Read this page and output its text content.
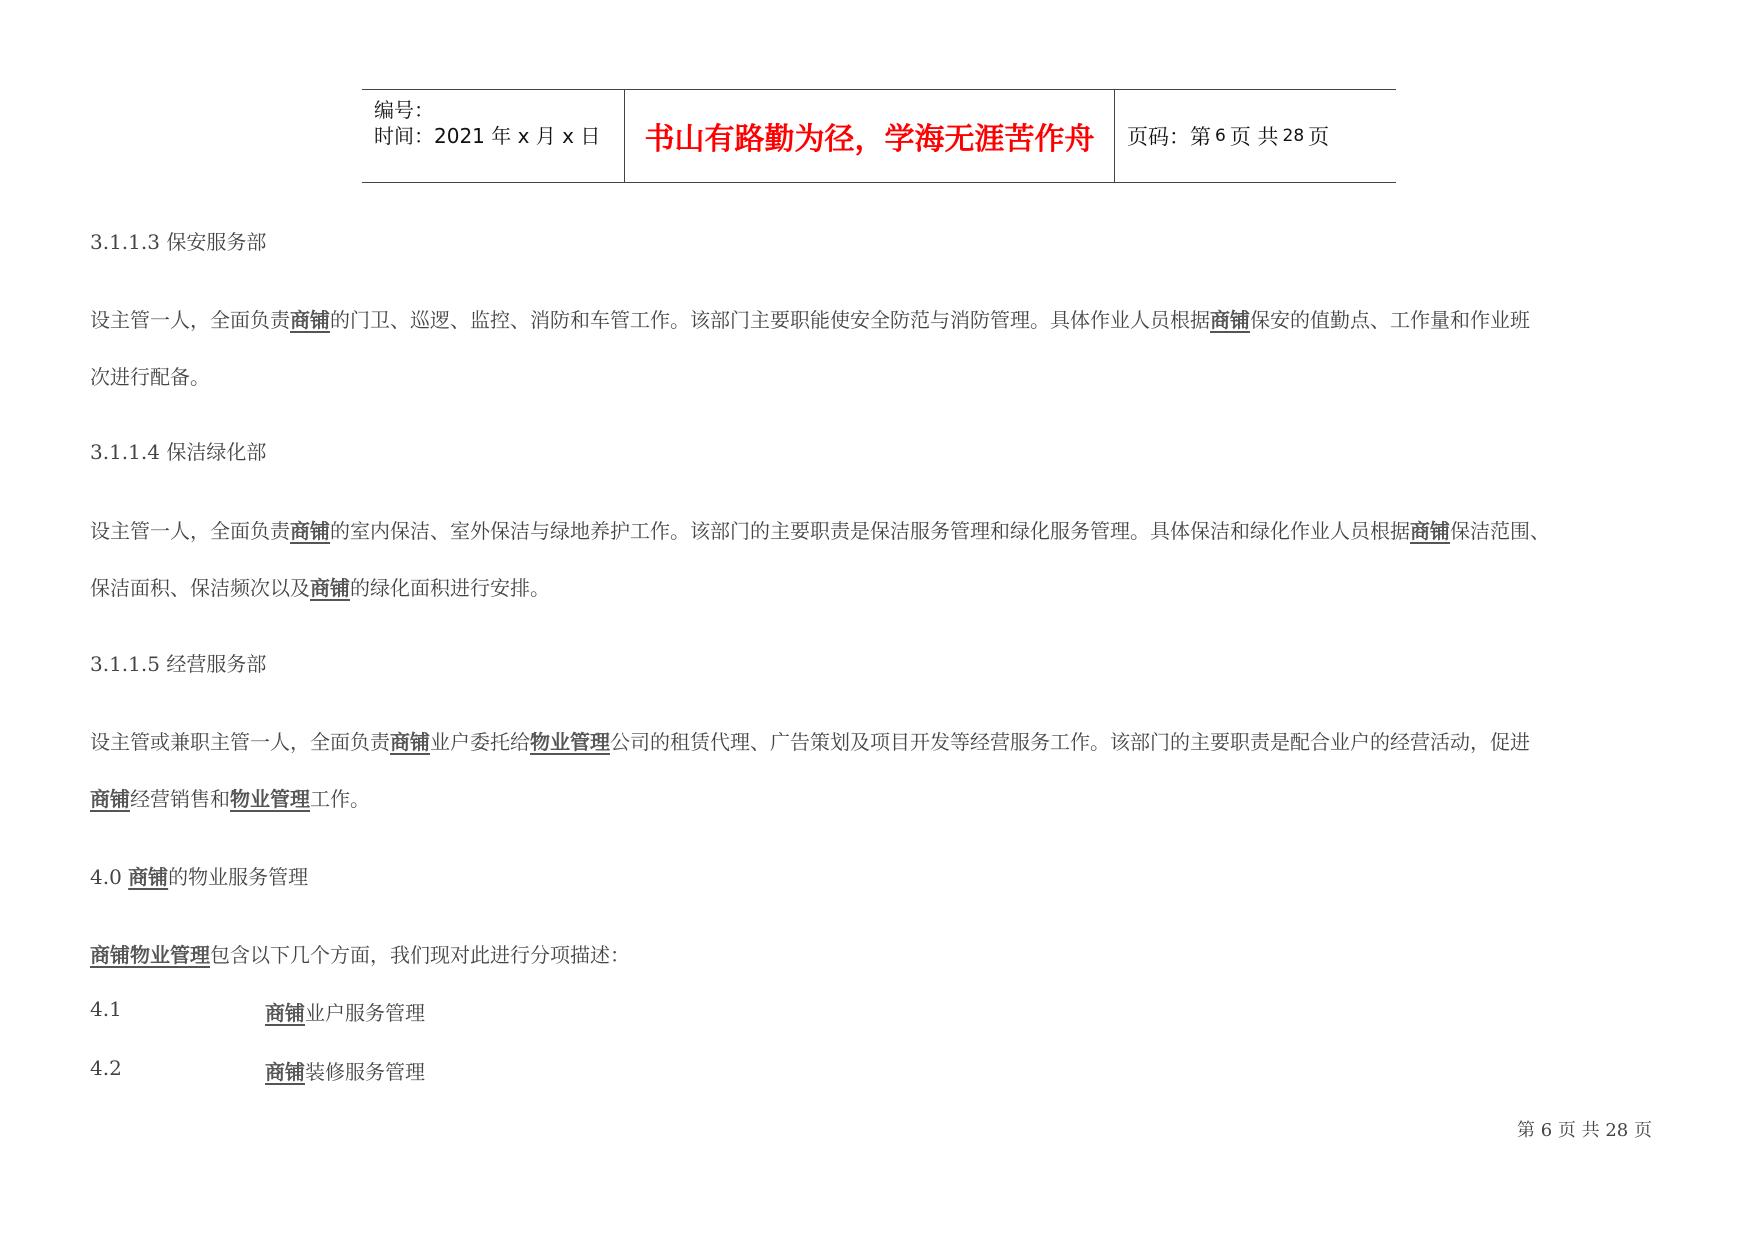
编号：
时间：2021 年 x 月 x 日 书山有路勤为径，学海无涯苦作舟 页码：第 6 页 共 28 页
3.1.1.3 保安服务部
设主管一人，全面负责商铺的门卫、巡逻、监控、消防和车管工作。该部门主要职能使安全防范与消防管理。具体作业人员根据商铺保安的值勤点、工作量和作业班
次进行配备。
3.1.1.4 保洁绿化部
设主管一人，全面负责商铺的室内保洁、室外保洁与绿地养护工作。该部门的主要职责是保洁服务管理和绿化服务管理。具体保洁和绿化作业人员根据商铺保洁范围、
保洁面积、保洁频次以及商铺的绿化面积进行安排。
3.1.1.5 经营服务部
设主管或兼职主管一人，全面负责商铺业户委托给物业管理公司的租赁代理、广告策划及项目开发等经营服务工作。该部门的主要职责是配合业户的经营活动，促进
商铺经营销售和物业管理工作。
4.0 商铺的物业服务管理
商铺物业管理包含以下几个方面，我们现对此进行分项描述：
4.1	商铺业户服务管理
4.2	商铺装修服务管理
第 6 页 共 28 页
